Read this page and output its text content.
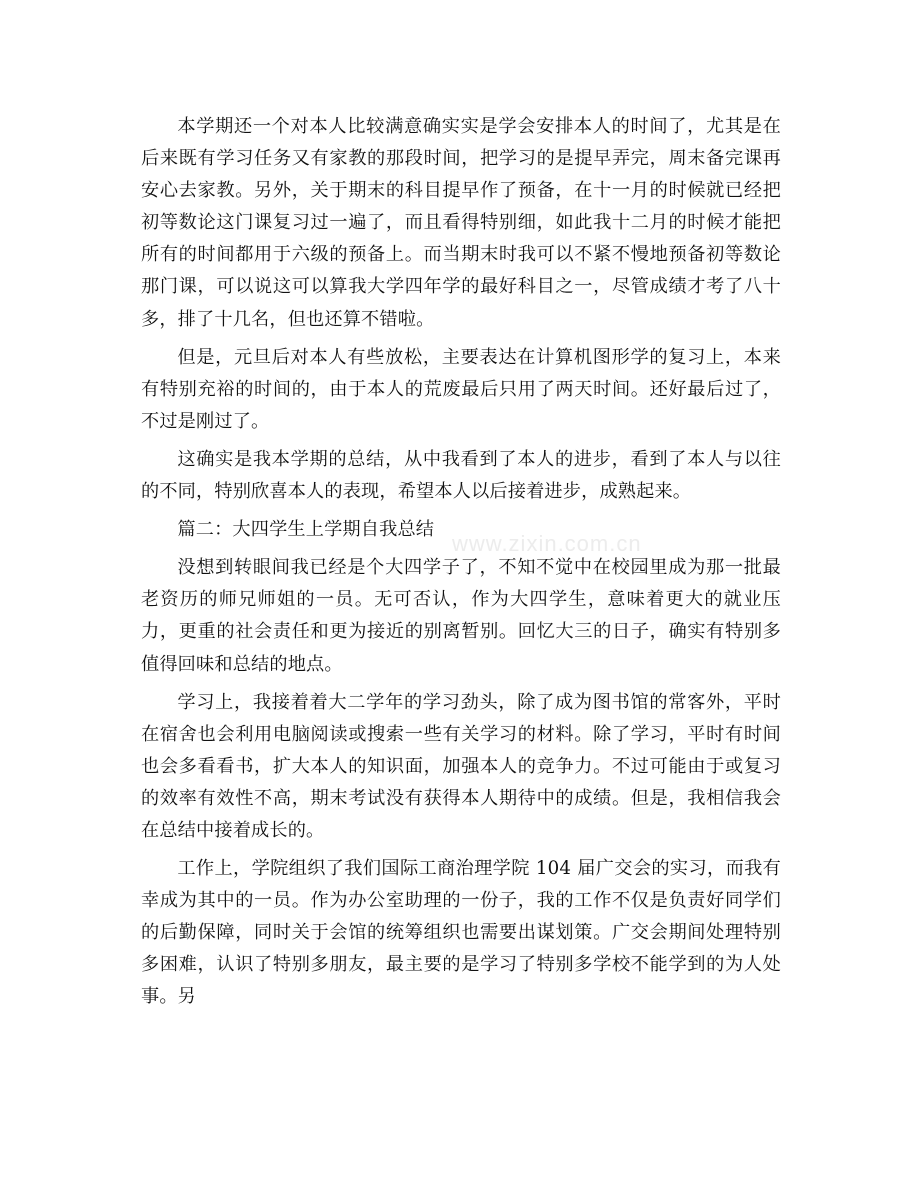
www.zixin.com.cn

本学期还一个对本人比较满意确实实是学会安排本人的时间了，尤其是在后来既有学习任务又有家教的那段时间，把学习的是提早弄完，周末备完课再安心去家教。另外，关于期末的科目提早作了预备，在十一月的时候就已经把初等数论这门课复习过一遍了，而且看得特别细，如此我十二月的时候才能把所有的时间都用于六级的预备上。而当期末时我可以不紧不慢地预备初等数论那门课，可以说这可以算我大学四年学的最好科目之一，尽管成绩才考了八十多，排了十几名，但也还算不错啦。

但是，元旦后对本人有些放松，主要表达在计算机图形学的复习上，本来有特别充裕的时间的，由于本人的荒废最后只用了两天时间。还好最后过了，不过是刚过了。

这确实是我本学期的总结，从中我看到了本人的进步，看到了本人与以往的不同，特别欣喜本人的表现，希望本人以后接着进步，成熟起来。

篇二：大四学生上学期自我总结

没想到转眼间我已经是个大四学子了，不知不觉中在校园里成为那一批最老资历的师兄师姐的一员。无可否认，作为大四学生，意味着更大的就业压力，更重的社会责任和更为接近的别离暂别。回忆大三的日子，确实有特别多值得回味和总结的地点。

学习上，我接着着大二学年的学习劲头，除了成为图书馆的常客外，平时在宿舍也会利用电脑阅读或搜索一些有关学习的材料。除了学习，平时有时间也会多看看书，扩大本人的知识面，加强本人的竞争力。不过可能由于或复习的效率有效性不高，期末考试没有获得本人期待中的成绩。但是，我相信我会在总结中接着成长的。

工作上，学院组织了我们国际工商治理学院 104 届广交会的实习，而我有幸成为其中的一员。作为办公室助理的一份子，我的工作不仅是负责好同学们的后勤保障，同时关于会馆的统筹组织也需要出谋划策。广交会期间处理特别多困难，认识了特别多朋友，最主要的是学习了特别多学校不能学到的为人处事。另
